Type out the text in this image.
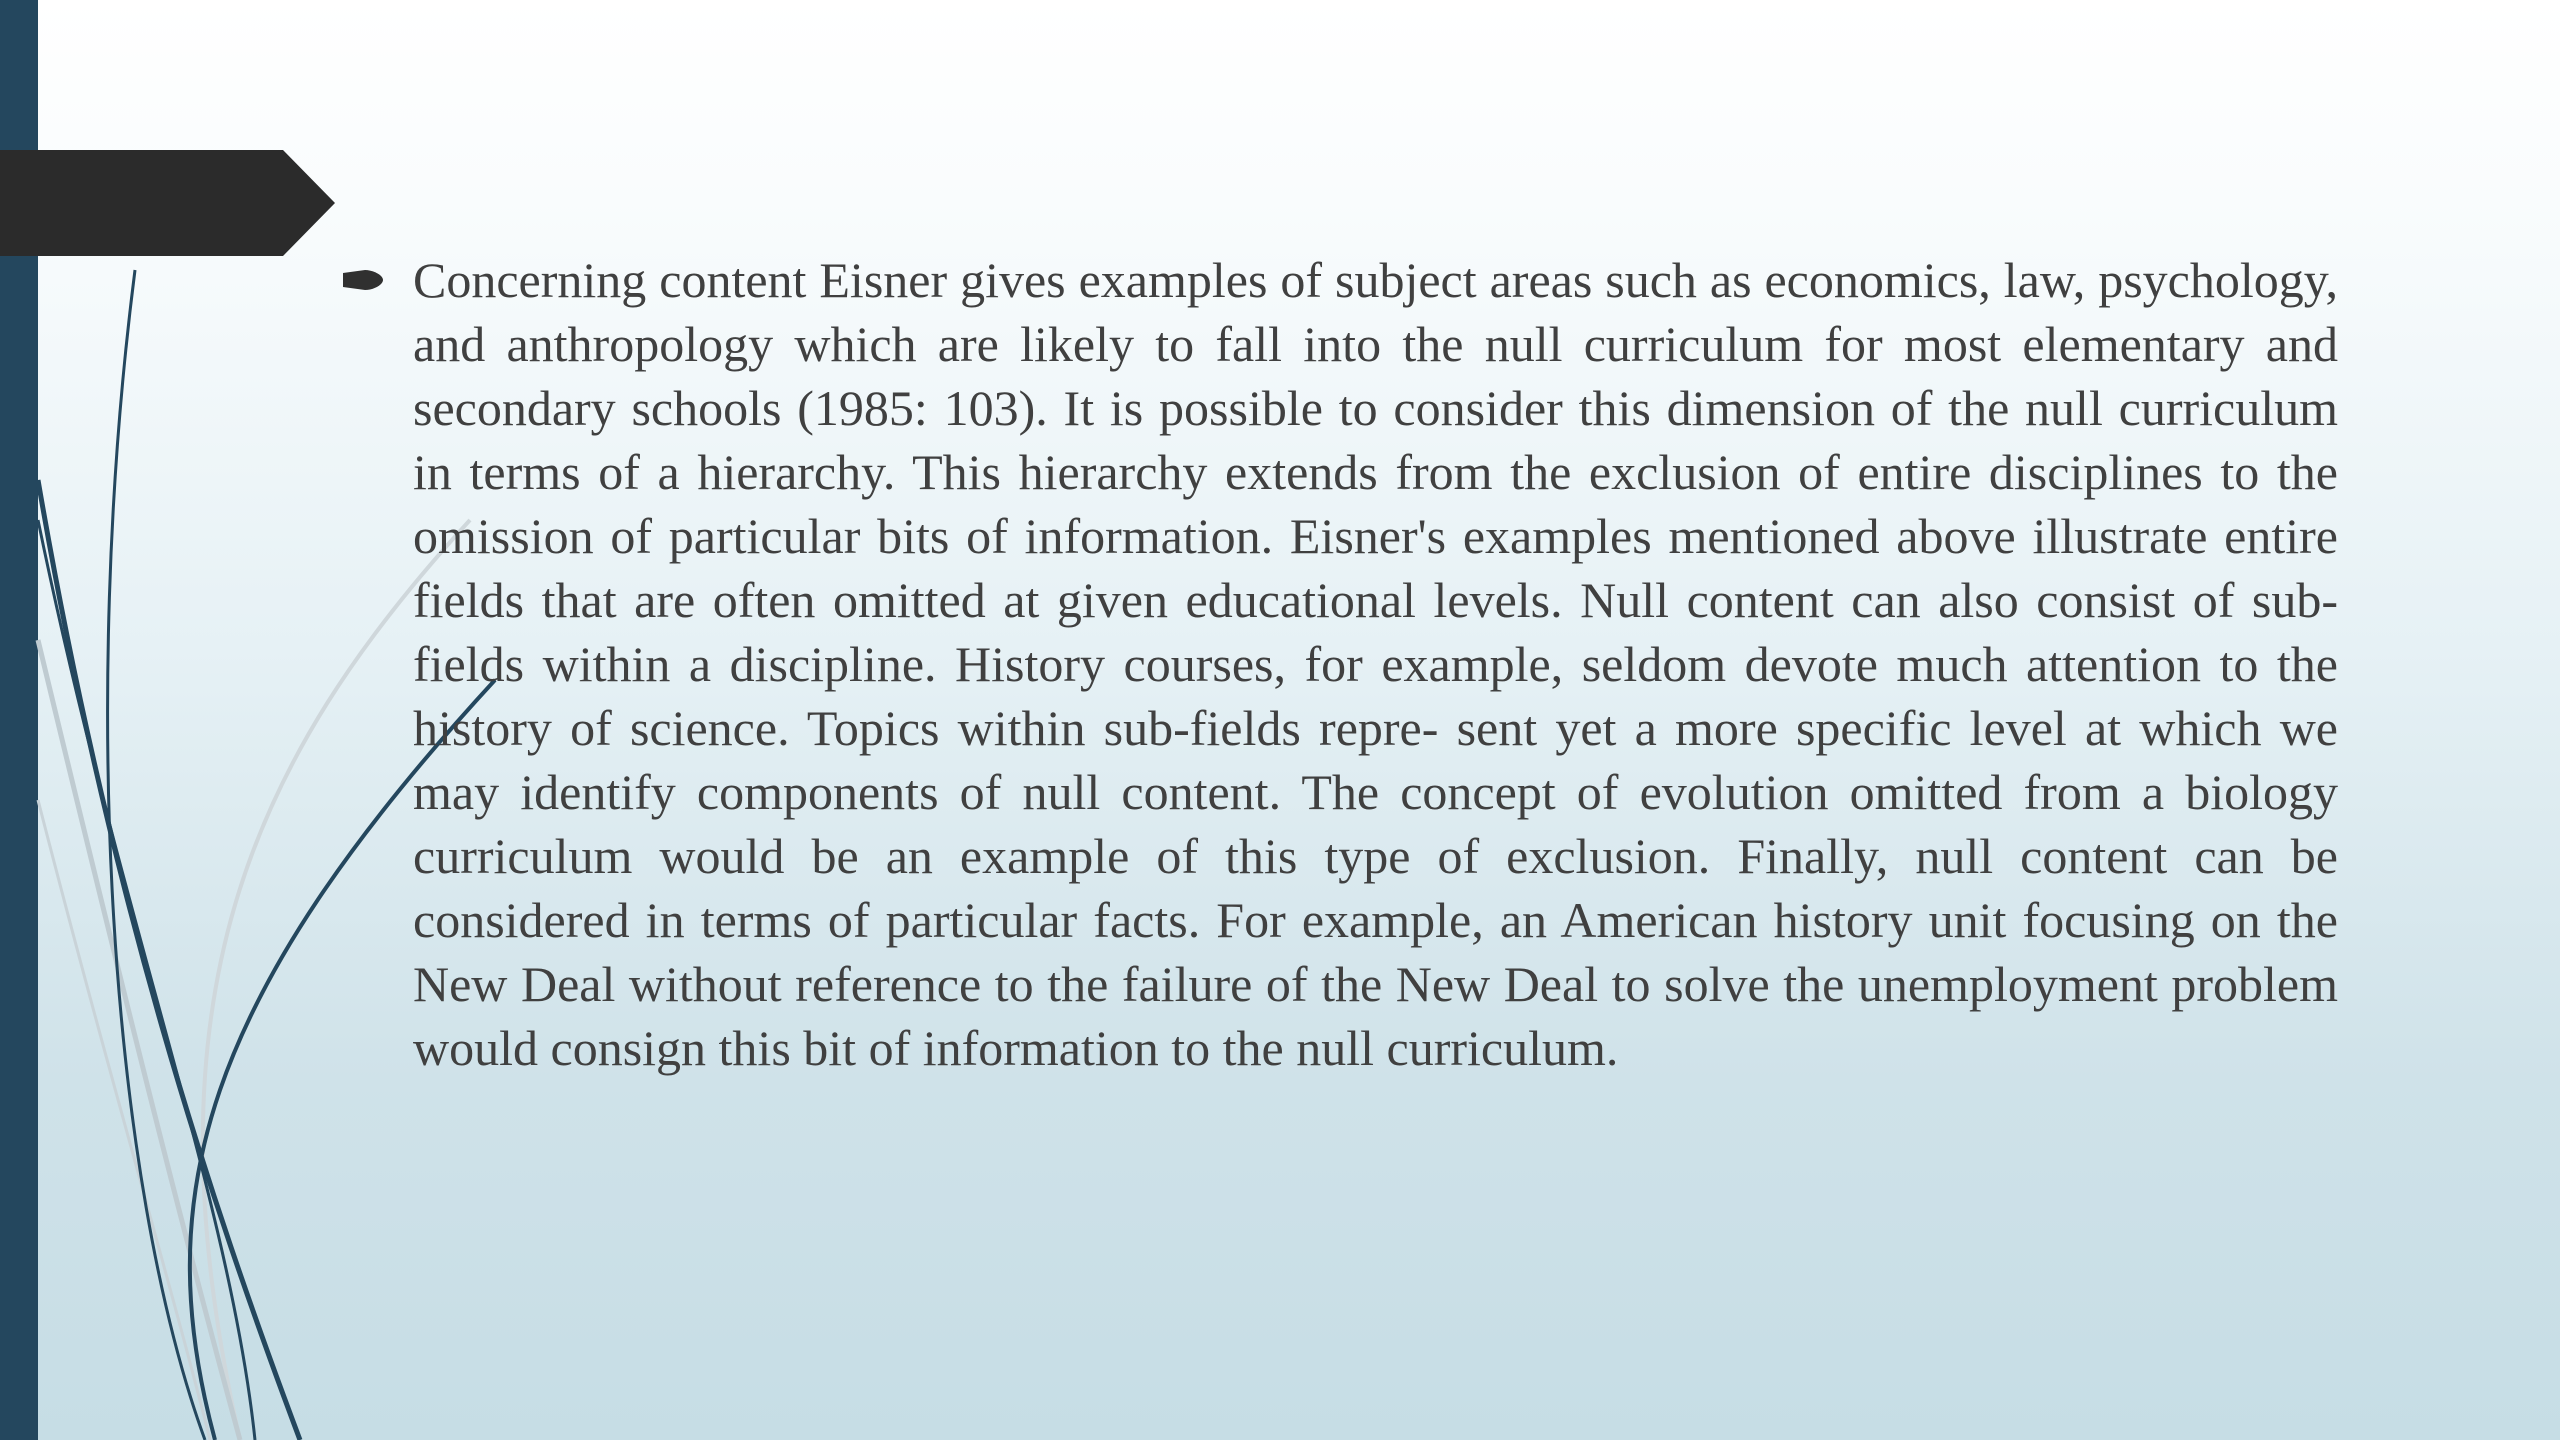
Concerning content Eisner gives examples of subject areas such as economics, law, psychology, and anthropology which are likely to fall into the null curriculum for most elementary and secondary schools (1985: 103). It is possible to consider this dimension of the null curriculum in terms of a hierarchy. This hierarchy extends from the exclusion of entire disciplines to the omission of particular bits of information. Eisner's examples mentioned above illustrate entire fields that are often omitted at given educational levels. Null content can also consist of sub- fields within a discipline. History courses, for example, seldom devote much attention to the history of science. Topics within sub-fields repre- sent yet a more specific level at which we may identify components of null content. The concept of evolution omitted from a biology curriculum would be an example of this type of exclusion. Finally, null content can be considered in terms of particular facts. For example, an American history unit focusing on the New Deal without reference to the failure of the New Deal to solve the unemployment problem would consign this bit of information to the null curriculum.
